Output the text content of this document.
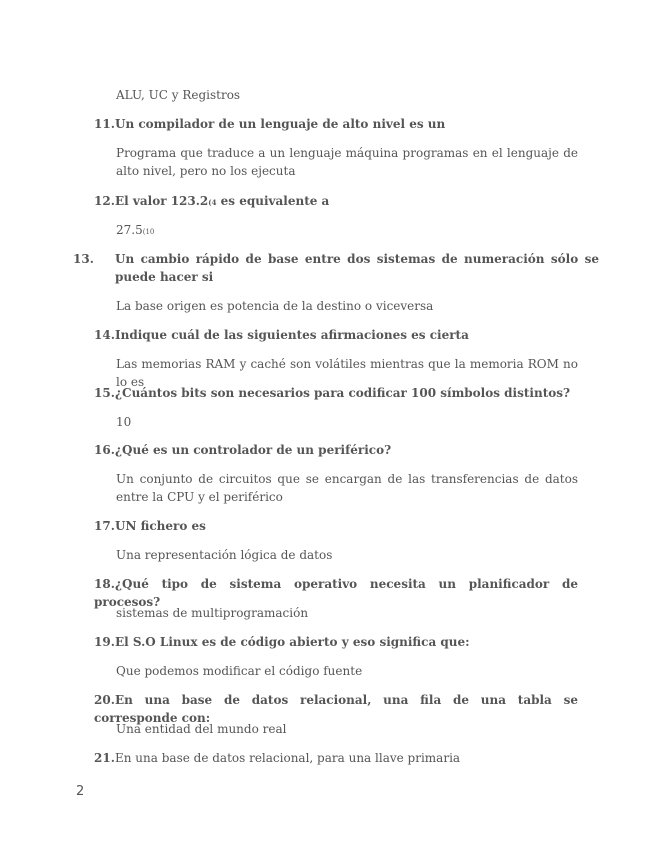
ALU, UC y Registros
11.Un compilador de un lenguaje de alto nivel es un
Programa que traduce a un lenguaje máquina programas en el lenguaje de alto nivel, pero no los ejecuta
12.El valor 123.2(4 es equivalente a
27.5(10
13. Un cambio rápido de base entre dos sistemas de numeración sólo se puede hacer si
La base origen es potencia de la destino o viceversa
14.Indique cuál de las siguientes afirmaciones es cierta
Las memorias RAM y caché son volátiles mientras que la memoria ROM no lo es
15.¿Cuántos bits son necesarios para codificar 100 símbolos distintos?
10
16.¿Qué es un controlador de un periférico?
Un conjunto de circuitos que se encargan de las transferencias de datos entre la CPU y el periférico
17.UN fichero es
Una representación lógica de datos
18.¿Qué tipo de sistema operativo necesita un planificador de procesos?
sistemas de multiprogramación
19.El S.O Linux es de código abierto y eso significa que:
Que podemos modificar el código fuente
20.En una base de datos relacional, una fila de una tabla se corresponde con:
Una entidad del mundo real
21.En una base de datos relacional, para una llave primaria
2
